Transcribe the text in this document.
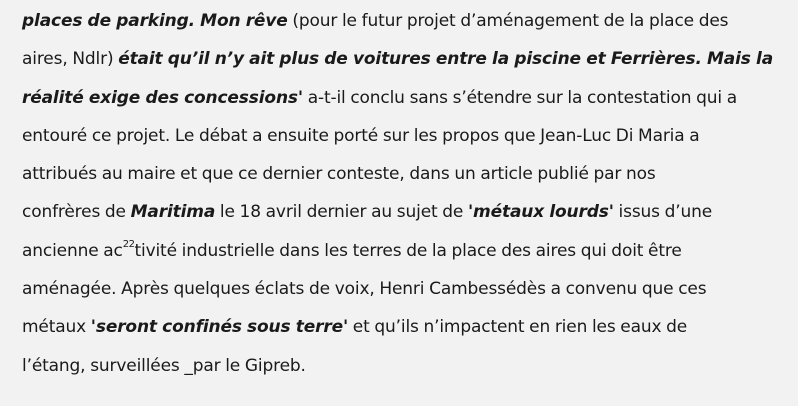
places de parking. Mon rêve (pour le futur projet d’aménagement de la place des
aires, Ndlr) était qu’il n’y ait plus de voitures entre la piscine et Ferrières. Mais la
réalité exige des concessions' a-t-il conclu sans s’étendre sur la contestation qui a
entouré ce projet. Le débat a ensuite porté sur les propos que Jean-Luc Di Maria a
attribués au maire et que ce dernier conteste, dans un article publié par nos
confrères de Maritima le 18 avril dernier au sujet de 'métaux lourds' issus d’une
ancienne ac$^{22}$tivité industrielle dans les terres de la place des aires qui doit être
aménagée. Après quelques éclats de voix, Henri Cambessédès a convenu que ces
métaux 'seront confinés sous terre' et qu’ils n’impactent en rien les eaux de
l’étang, surveillées _par le Gipreb.
